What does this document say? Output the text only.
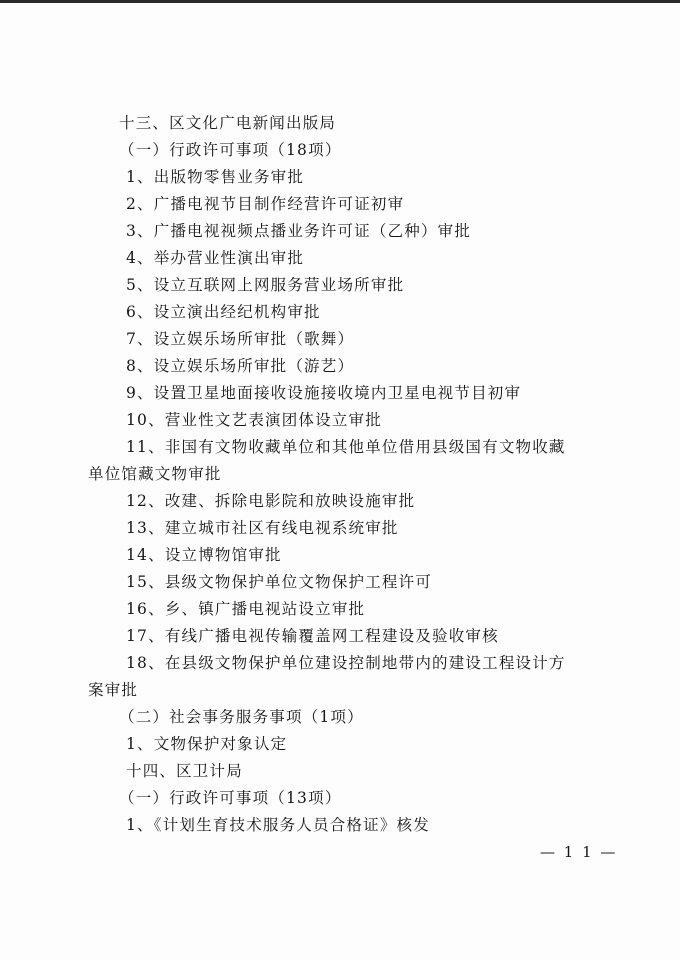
十三、区文化广电新闻出版局
（一）行政许可事项（18项）
1、出版物零售业务审批
2、广播电视节目制作经营许可证初审
3、广播电视视频点播业务许可证（乙种）审批
4、举办营业性演出审批
5、设立互联网上网服务营业场所审批
6、设立演出经纪机构审批
7、设立娱乐场所审批（歌舞）
8、设立娱乐场所审批（游艺）
9、设置卫星地面接收设施接收境内卫星电视节目初审
10、营业性文艺表演团体设立审批
11、非国有文物收藏单位和其他单位借用县级国有文物收藏
单位馆藏文物审批
12、改建、拆除电影院和放映设施审批
13、建立城市社区有线电视系统审批
14、设立博物馆审批
15、县级文物保护单位文物保护工程许可
16、乡、镇广播电视站设立审批
17、有线广播电视传输覆盖网工程建设及验收审核
18、在县级文物保护单位建设控制地带内的建设工程设计方
案审批
（二）社会事务服务事项（1项）
1、文物保护对象认定
十四、区卫计局
（一）行政许可事项（13项）
1、《计划生育技术服务人员合格证》核发
— 1 1 —
